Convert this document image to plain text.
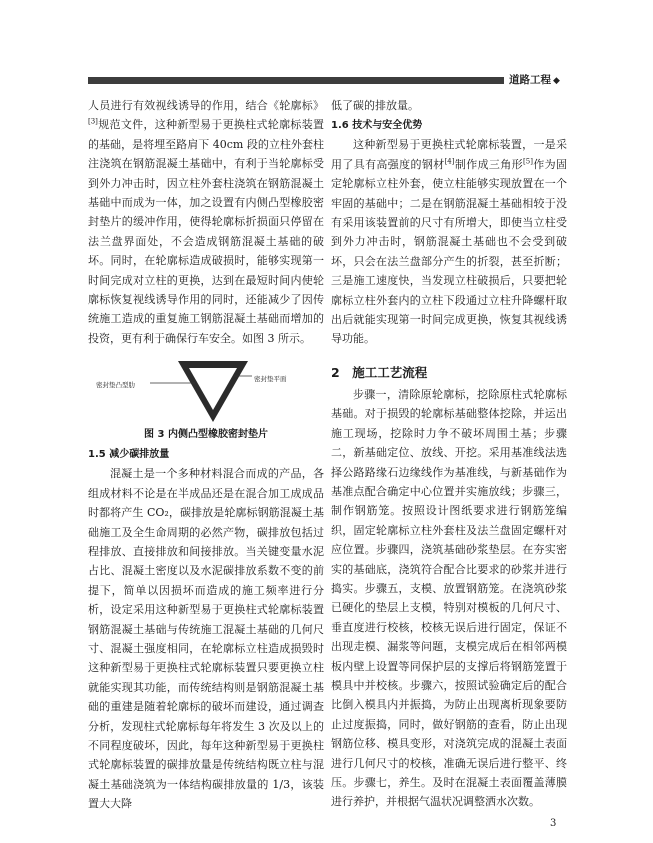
道路工程 ◆

人员进行有效视线诱导的作用，结合《轮廓标》[3]规范文件，这种新型易于更换柱式轮廓标装置的基础，是将埋至路肩下 40cm 段的立柱外套柱注浇筑在钢筋混凝土基础中，有利于当轮廓标受到外力冲击时，因立柱外套柱浇筑在钢筋混凝土基础中而成为一体，加之设置有内侧凸型橡胶密封垫片的缓冲作用，使得轮廓标折损面只停留在法兰盘界面处，不会造成钢筋混凝土基础的破坏。同时，在轮廓标造成破损时，能够实现第一时间完成对立柱的更换，达到在最短时间内使轮廓标恢复视线诱导作用的同时，还能减少了因传统施工造成的重复施工钢筋混凝土基础而增加的投资，更有利于确保行车安全。如图 3 所示。

密封垫凸型肋
密封垫平面
图 3 内侧凸型橡胶密封垫片
1.5 减少碳排放量

混凝土是一个多种材料混合而成的产品，各组成材料不论是在半成品还是在混合加工成成品时都将产生 CO₂，碳排放是轮廓标钢筋混凝土基础施工及全生命周期的必然产物，碳排放包括过程排放、直接排放和间接排放。当关键变量水泥占比、混凝土密度以及水泥碳排放系数不变的前提下，简单以因损坏而造成的施工频率进行分析，设定采用这种新型易于更换柱式轮廓标装置钢筋混凝土基础与传统施工混凝土基础的几何尺寸、混凝土强度相同，在轮廓标立柱造成损毁时这种新型易于更换柱式轮廓标装置只要更换立柱就能实现其功能，而传统结构则是钢筋混凝土基础的重建是随着轮廓标的破坏而建设，通过调查分析，发现柱式轮廓标每年将发生 3 次及以上的不同程度破坏，因此，每年这种新型易于更换柱式轮廓标装置的碳排放量是传统结构既立柱与混凝土基础浇筑为一体结构碳排放量的 1/3，该装置大大降

低了碳的排放量。

1.6 技术与安全优势

这种新型易于更换柱式轮廓标装置，一是采用了具有高强度的钢材[4]制作成三角形[5]作为固定轮廓标立柱外套，使立柱能够实现放置在一个牢固的基础中；二是在钢筋混凝土基础相较于没有采用该装置前的尺寸有所增大，即使当立柱受到外力冲击时，钢筋混凝土基础也不会受到破坏，只会在法兰盘部分产生的折裂，甚至折断；三是施工速度快，当发现立柱破损后，只要把轮廓标立柱外套内的立柱下段通过立柱升降螺杆取出后就能实现第一时间完成更换，恢复其视线诱导功能。

2　施工工艺流程

步骤一，清除原轮廓标，挖除原柱式轮廓标基础。对于损毁的轮廓标基础整体挖除，并运出施工现场，挖除时力争不破坏周围土基；步骤二，新基础定位、放线、开挖。采用基准线法选择公路路缘石边缘线作为基准线，与新基础作为基准点配合确定中心位置并实施放线；步骤三，制作钢筋笼。按照设计图纸要求进行钢筋笼编织，固定轮廓标立柱外套柱及法兰盘固定螺杆对应位置。步骤四，浇筑基础砂浆垫层。在夯实密实的基础底，浇筑符合配合比要求的砂浆并进行捣实。步骤五，支模、放置钢筋笼。在浇筑砂浆已硬化的垫层上支模，特别对模板的几何尺寸、垂直度进行校核，校核无误后进行固定，保证不出现走模、漏浆等问题，支模完成后在相邻两模板内壁上设置等同保护层的支撑后将钢筋笼置于模具中并校核。步骤六，按照试验确定后的配合比倒入模具内并振捣，为防止出现离析现象要防止过度振捣，同时，做好钢筋的查看，防止出现钢筋位移、模具变形，对浇筑完成的混凝土表面进行几何尺寸的校核，准确无误后进行整平、终压。步骤七，养生。及时在混凝土表面覆盖薄膜进行养护，并根据气温状况调整洒水次数。

3
